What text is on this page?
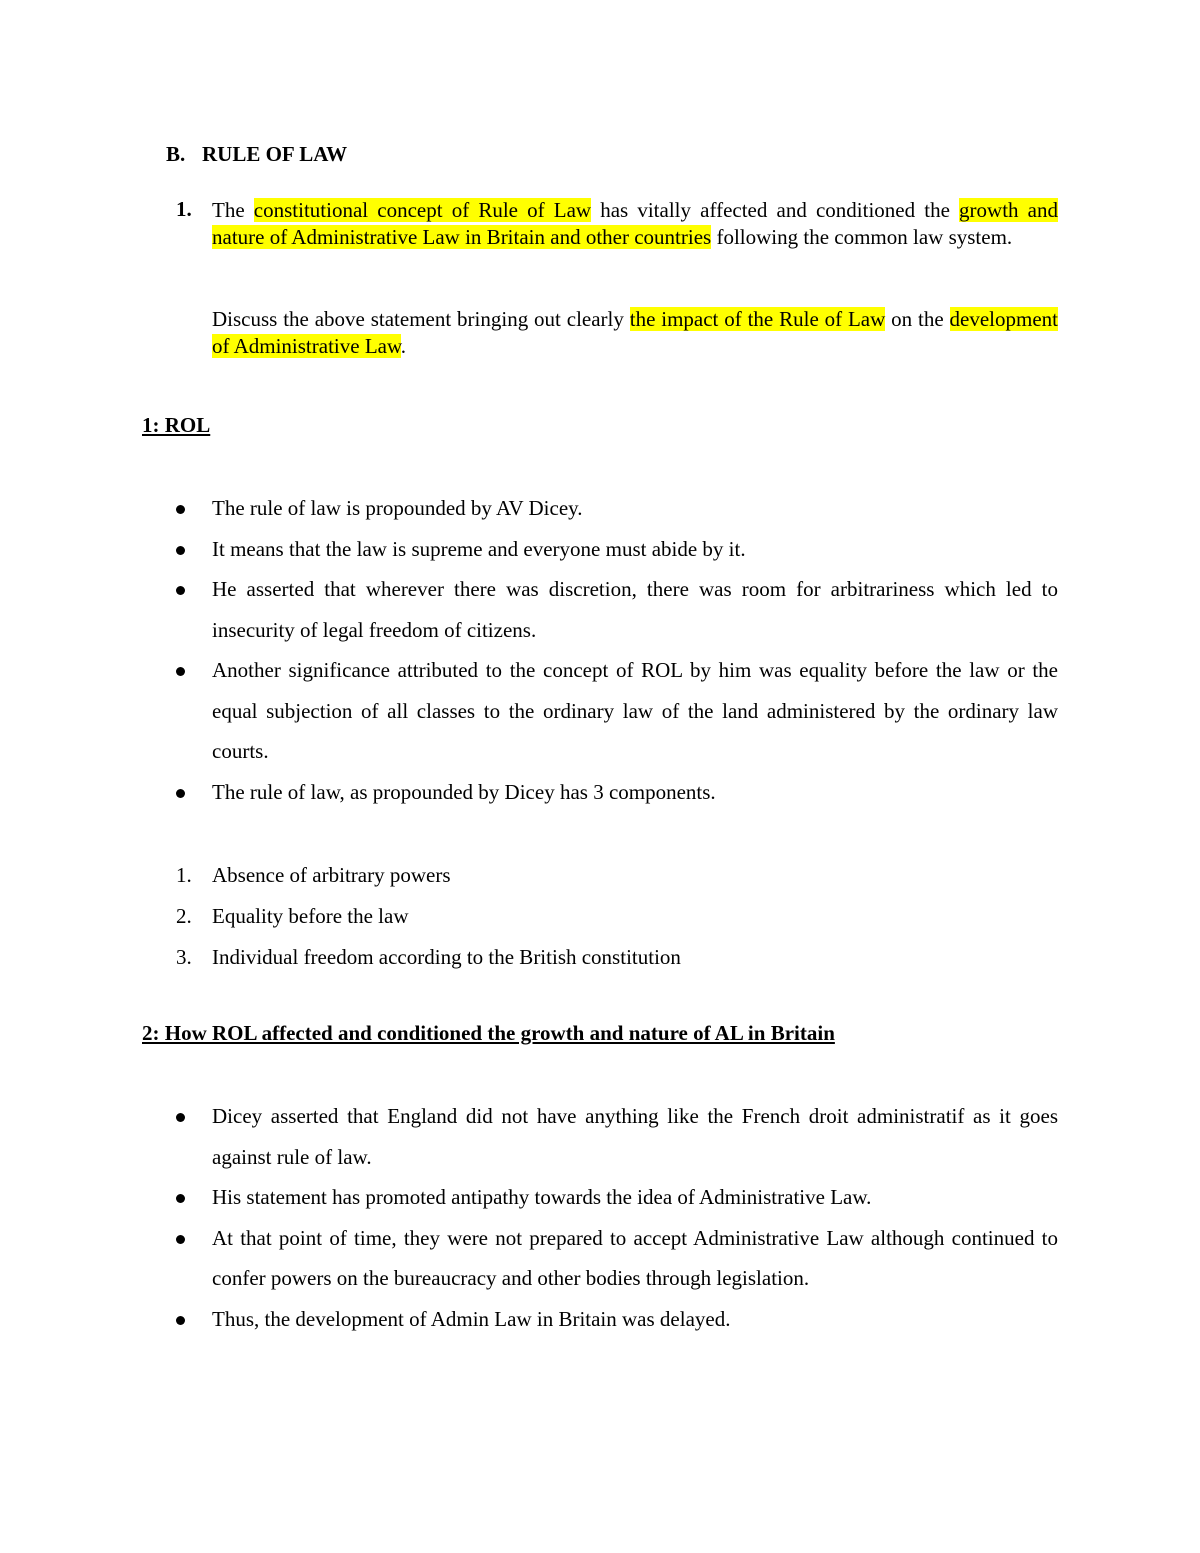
B. RULE OF LAW
1. The constitutional concept of Rule of Law has vitally affected and conditioned the growth and nature of Administrative Law in Britain and other countries following the common law system.

Discuss the above statement bringing out clearly the impact of the Rule of Law on the development of Administrative Law.

1: ROL
The rule of law is propounded by AV Dicey.
It means that the law is supreme and everyone must abide by it.
He asserted that wherever there was discretion, there was room for arbitrariness which led to insecurity of legal freedom of citizens.
Another significance attributed to the concept of ROL by him was equality before the law or the equal subjection of all classes to the ordinary law of the land administered by the ordinary law courts.
The rule of law, as propounded by Dicey has 3 components.
1. Absence of arbitrary powers
2. Equality before the law
3. Individual freedom according to the British constitution
2: How ROL affected and conditioned the growth and nature of AL in Britain
Dicey asserted that England did not have anything like the French droit administratif as it goes against rule of law.
His statement has promoted antipathy towards the idea of Administrative Law.
At that point of time, they were not prepared to accept Administrative Law although continued to confer powers on the bureaucracy and other bodies through legislation.
Thus, the development of Admin Law in Britain was delayed.
